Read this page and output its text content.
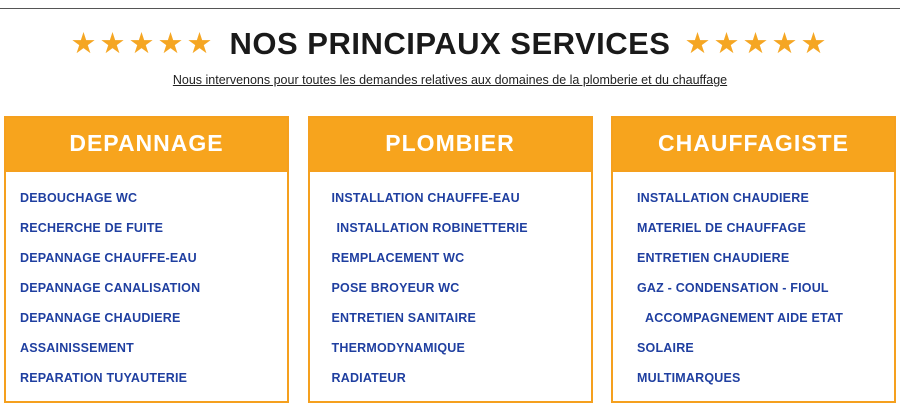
★★★★★ NOS PRINCIPAUX SERVICES ★★★★★
Nous intervenons pour toutes les demandes relatives aux domaines de la plomberie et du chauffage
DEPANNAGE
DEBOUCHAGE WC
RECHERCHE DE FUITE
DEPANNAGE CHAUFFE-EAU
DEPANNAGE CANALISATION
DEPANNAGE CHAUDIERE
ASSAINISSEMENT
REPARATION TUYAUTERIE
PLOMBIER
INSTALLATION CHAUFFE-EAU
INSTALLATION ROBINETTERIE
REMPLACEMENT WC
POSE BROYEUR WC
ENTRETIEN SANITAIRE
THERMODYNAMIQUE
RADIATEUR
CHAUFFAGISTE
INSTALLATION CHAUDIERE
MATERIEL DE CHAUFFAGE
ENTRETIEN CHAUDIERE
GAZ - CONDENSATION - FIOUL
ACCOMPAGNEMENT AIDE ETAT
SOLAIRE
MULTIMARQUES
